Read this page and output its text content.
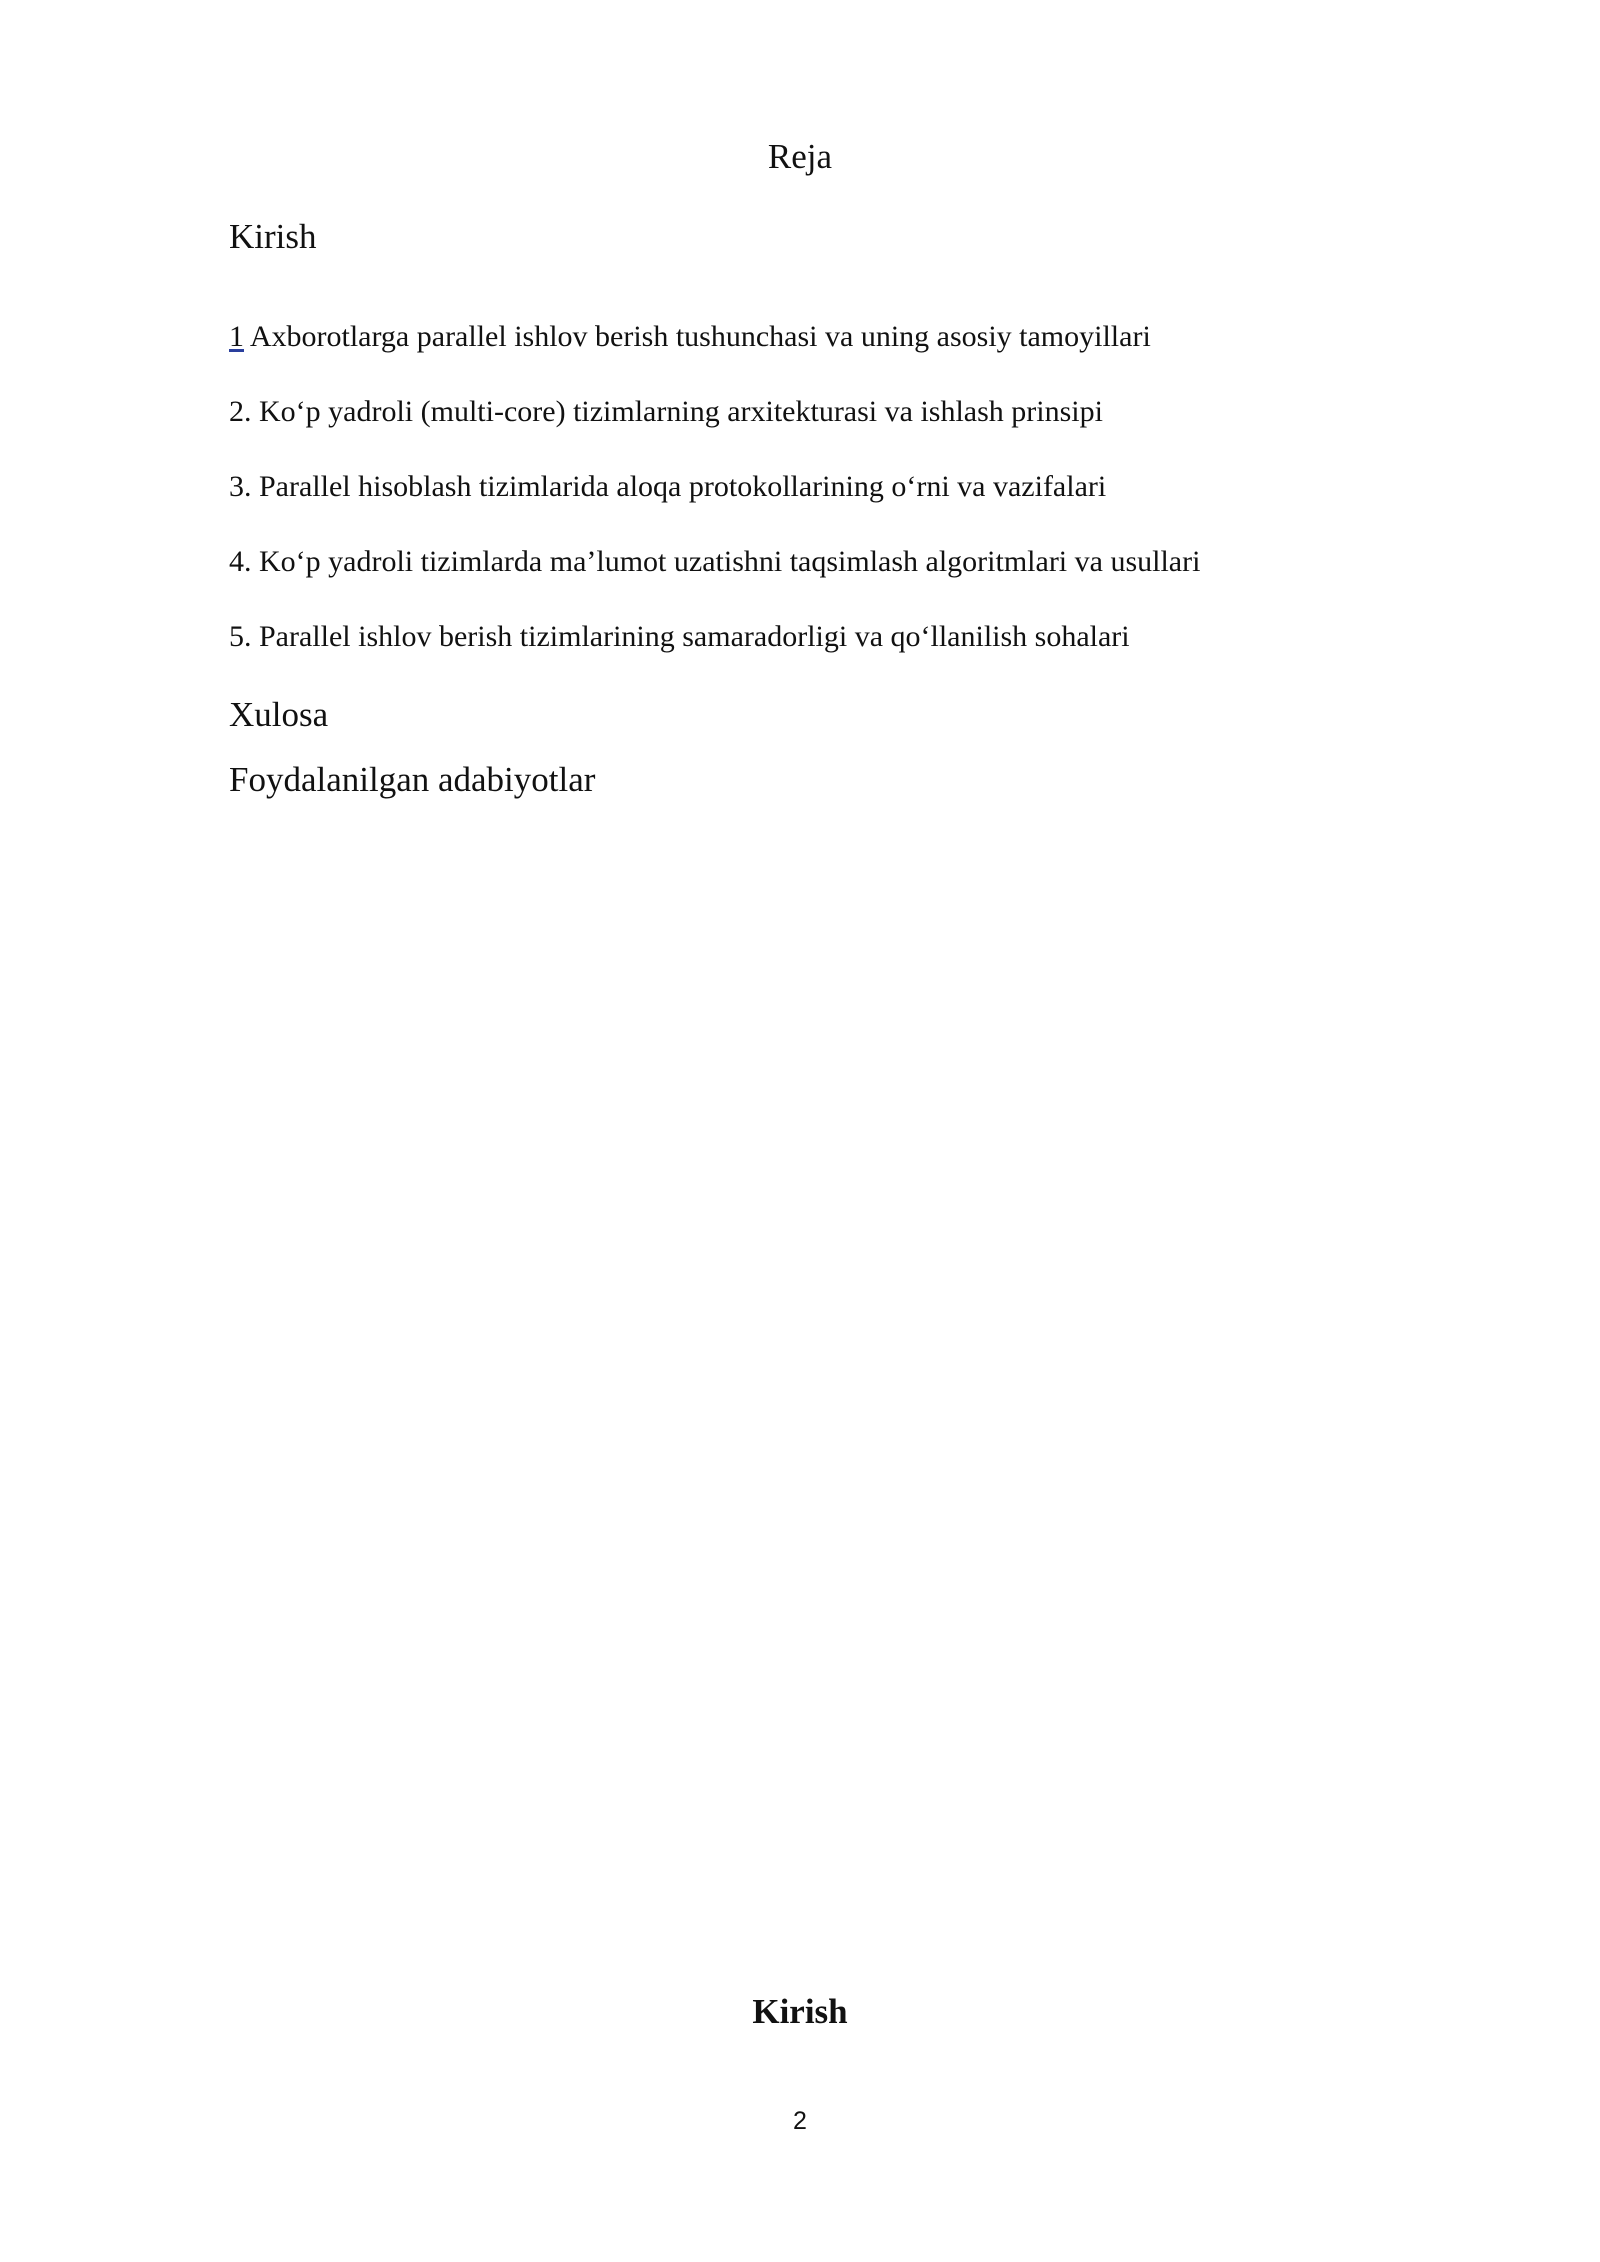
Reja
Kirish
1 Axborotlarga parallel ishlov berish tushunchasi va uning asosiy tamoyillari
2. Ko‘p yadroli (multi-core) tizimlarning arxitekturasi va ishlash prinsipi
3. Parallel hisoblash tizimlarida aloqa protokollarining o‘rni va vazifalari
4. Ko‘p yadroli tizimlarda ma’lumot uzatishni taqsimlash algoritmlari va usullari
5. Parallel ishlov berish tizimlarining samaradorligi va qo‘llanilish sohalari
Xulosa
Foydalanilgan adabiyotlar
Kirish
2
